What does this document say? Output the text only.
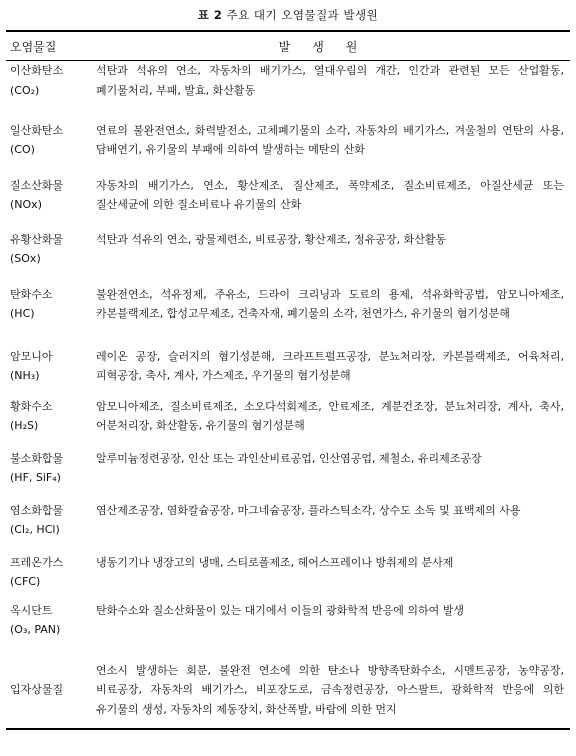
표 2 주요 대기 오염물질과 발생원
오염물질	발생원

이산화탄소
(CO₂)	석탄과 석유의 연소, 자동차의 배기가스, 열대우림의 개간, 인간과 관련된 모든 산업활동, 폐기물처리, 부패, 발효, 화산활동

일산화탄소
(CO)	연료의 불완전연소, 화력발전소, 고체폐기물의 소각, 자동차의 배기가스, 겨울철의 연탄의 사용, 담배연기, 유기물의 부패에 의하여 발생하는 메탄의 산화

질소산화물
(NOx)	자동차의 배기가스, 연소, 황산제조, 질산제조, 폭약제조, 질소비료제조, 아질산세균 또는 질산세균에 의한 질소비료나 유기물의 산화

유황산화물
(SOx)	석탄과 석유의 연소, 광물제련소, 비료공장, 황산제조, 정유공장, 화산활동

탄화수소
(HC)	불완전연소, 석유정제, 주유소, 드라이 크리닝과 도료의 용제, 석유화학공법, 암모니아제조, 카본블랙제조, 합성고무제조, 건축자재, 폐기물의 소각, 천연가스, 유기물의 혐기성분해

암모니아
(NH₃)	레이온 공장, 슬러지의 혐기성분해, 크라프트펄프공장, 분뇨처리장, 카본블랙제조, 어육처리, 피혁공장, 축사, 계사, 가스제조, 우기물의 혐기성분해

황화수소
(H₂S)	암모니아제조, 질소비료제조, 소오다석회제조, 안료제조, 계분건조장, 분뇨처리장, 계사, 축사, 어분처리장, 화산활동, 유기물의 혐기성분해

불소화합물
(HF, SiF₄)	알루미늄정련공장, 인산 또는 과인산비료공업, 인산염공업, 제철소, 유리제조공장

염소화합물
(Cl₂, HCl)	염산제조공장, 염화칼슘공장, 마그네슘공장, 플라스틱소각, 상수도 소독 및 표백제의 사용

프레온가스
(CFC)	냉동기기나 냉장고의 냉매, 스티로폴제조, 헤어스프레이나 방취제의 분사제

옥시단트
(O₃, PAN)	탄화수소와 질소산화물이 있는 대기에서 이들의 광화학적 반응에 의하여 발생

입자상물질	연소시 발생하는 회분, 불완전 연소에 의한 탄소나 방향족탄화수소, 시멘트공장, 농약공장, 비료공장, 자동차의 배기가스, 비포장도로, 금속정련공장, 아스팔트, 광화학적 반응에 의한 유기물의 생성, 자동차의 제동장치, 화산폭발, 바람에 의한 먼지
